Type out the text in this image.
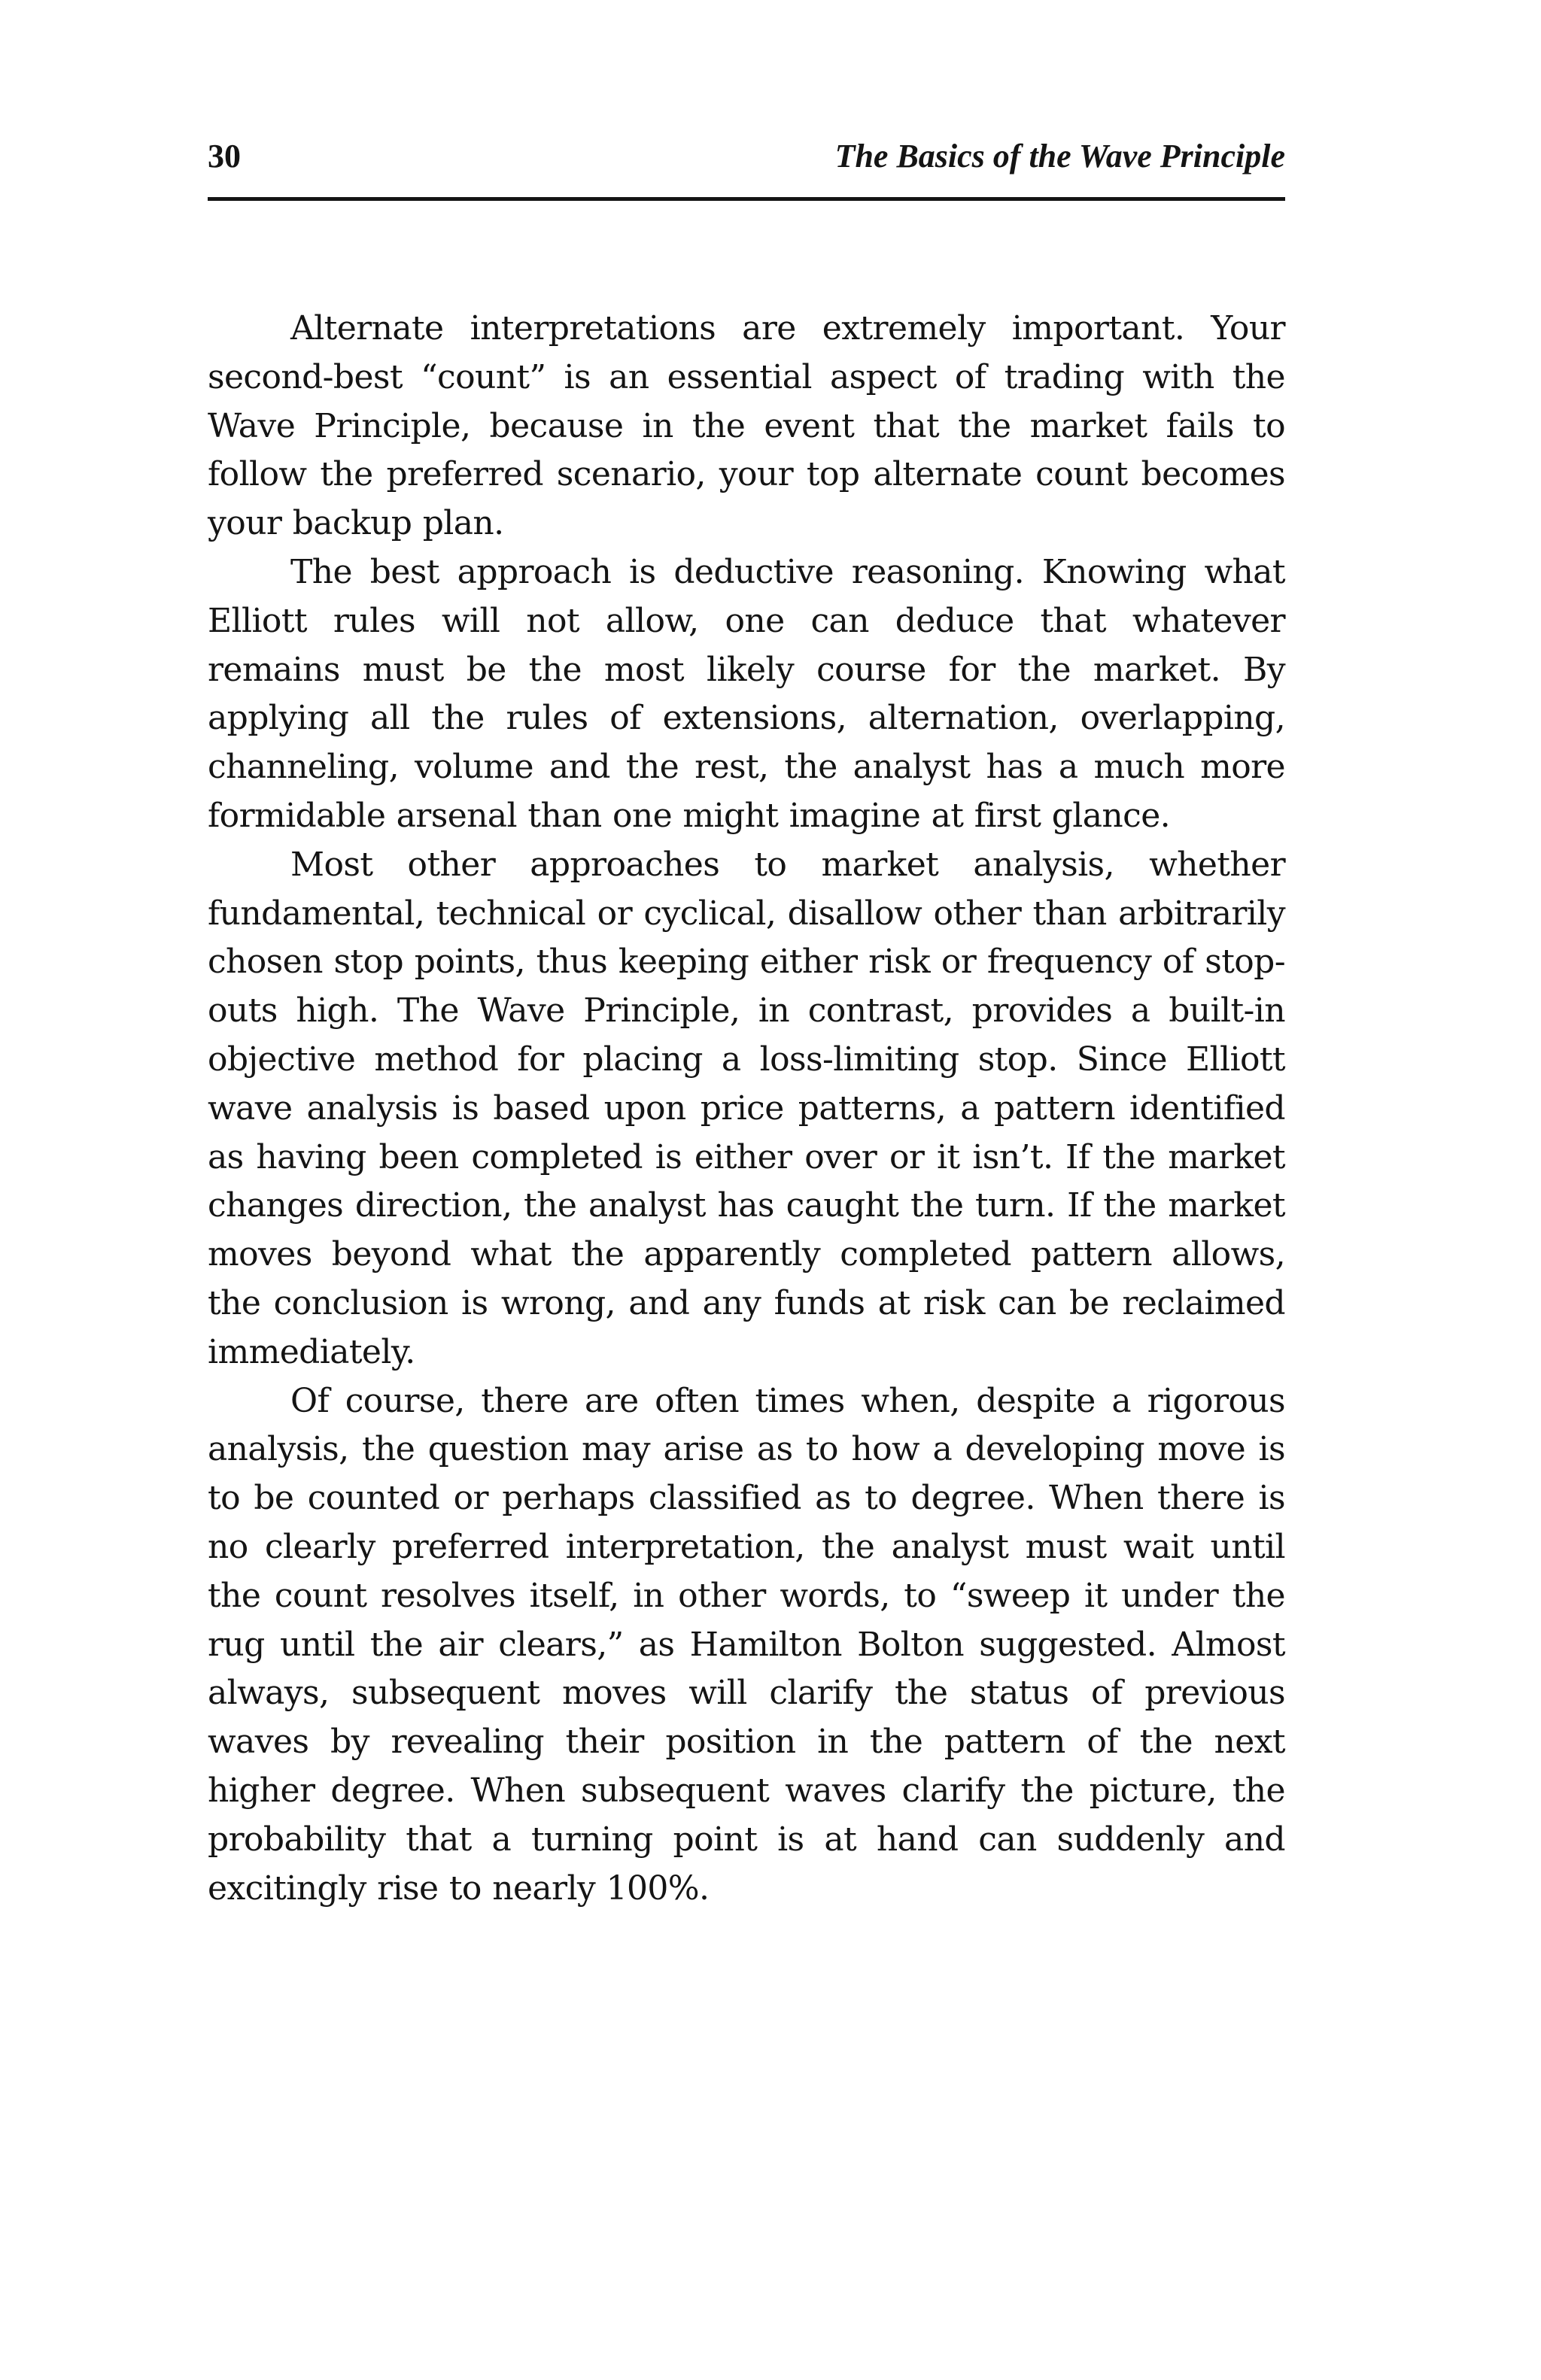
30	The Basics of the Wave Principle

Alternate interpretations are extremely important. Your second-best “count” is an essential aspect of trading with the Wave Principle, because in the event that the market fails to follow the preferred scenario, your top alternate count becomes your backup plan.

The best approach is deductive reasoning. Knowing what Elliott rules will not allow, one can deduce that whatever remains must be the most likely course for the market. By applying all the rules of extensions, alternation, overlapping, channeling, volume and the rest, the analyst has a much more formidable arsenal than one might imagine at first glance.

Most other approaches to market analysis, whether fundamental, technical or cyclical, disallow other than arbitrarily chosen stop points, thus keeping either risk or frequency of stop-outs high. The Wave Principle, in contrast, provides a built-in objective method for placing a loss-limiting stop. Since Elliott wave analysis is based upon price patterns, a pattern identified as having been completed is either over or it isn’t. If the market changes direction, the analyst has caught the turn. If the market moves beyond what the apparently completed pattern allows, the conclusion is wrong, and any funds at risk can be reclaimed immediately.

Of course, there are often times when, despite a rigorous analysis, the question may arise as to how a developing move is to be counted or perhaps classified as to degree. When there is no clearly preferred interpretation, the analyst must wait until the count resolves itself, in other words, to “sweep it under the rug until the air clears,” as Hamilton Bolton suggested. Almost always, subsequent moves will clarify the status of previous waves by revealing their position in the pattern of the next higher degree. When subsequent waves clarify the picture, the probability that a turning point is at hand can suddenly and excitingly rise to nearly 100%.
